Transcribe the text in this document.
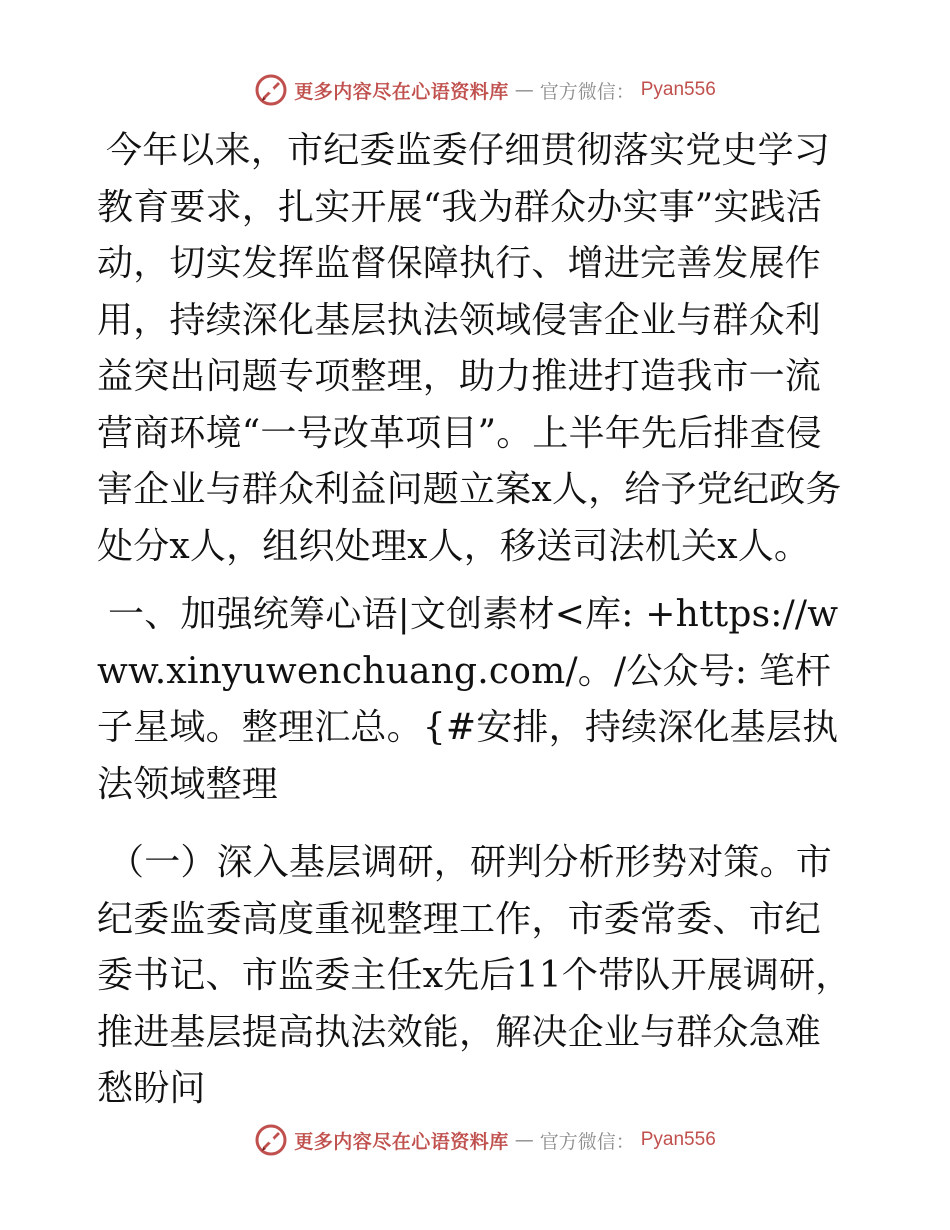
更多内容尽在心语资料库 — 官方微信： Pyan556

今年以来，市纪委监委仔细贯彻落实党史学习教育要求，扎实开展“我为群众办实事”实践活动，切实发挥监督保障执行、增进完善发展作用，持续深化基层执法领域侵害企业与群众利益突出问题专项整理，助力推进打造我市一流营商环境“一号改革项目”。上半年先后排查侵害企业与群众利益问题立案x人，给予党纪政务处分x人，组织处理x人，移送司法机关x人。

一、加强统筹心语|文创素材<库: +https://www.xinyuwenchuang.com/。/公众号: 笔杆子星域。整理汇总。{#安排，持续深化基层执法领域整理

（一）深入基层调研，研判分析形势对策。市纪委监委高度重视整理工作，市委常委、市纪委书记、市监委主任x先后11个带队开展调研，推进基层提高执法效能，解决企业与群众急难愁盼问

更多内容尽在心语资料库 — 官方微信： Pyan556
